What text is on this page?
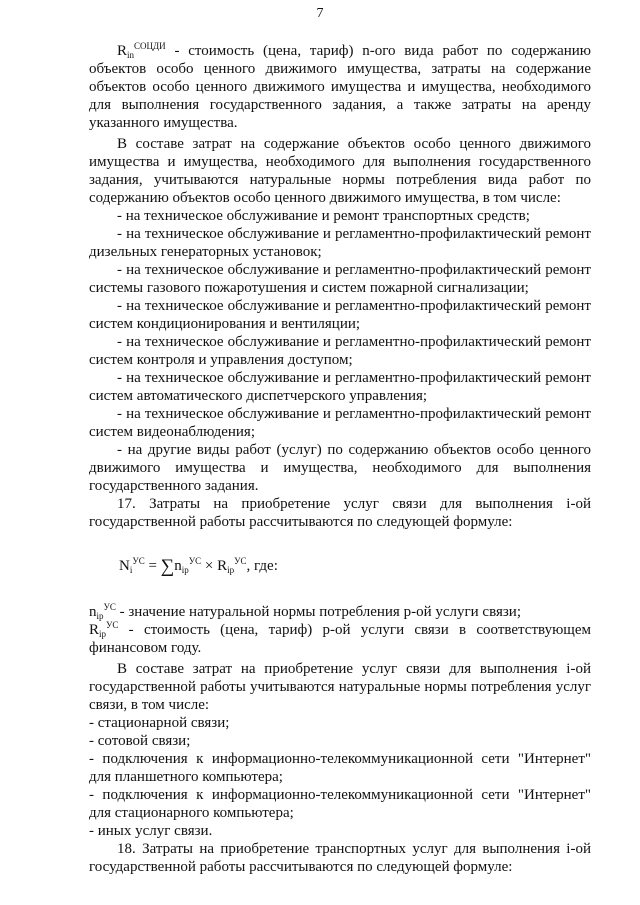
7

$R_{in}^{СОЦДИ}$ - стоимость (цена, тариф) n-ого вида работ по содержанию объектов особо ценного движимого имущества, затраты на содержание объектов особо ценного движимого имущества и имущества, необходимого для выполнения государственного задания, а также затраты на аренду указанного имущества.

В составе затрат на содержание объектов особо ценного движимого имущества и имущества, необходимого для выполнения государственного задания, учитываются натуральные нормы потребления вида работ по содержанию объектов особо ценного движимого имущества, в том числе:

- на техническое обслуживание и ремонт транспортных средств;

- на техническое обслуживание и регламентно-профилактический ремонт дизельных генераторных установок;

- на техническое обслуживание и регламентно-профилактический ремонт системы газового пожаротушения и систем пожарной сигнализации;

- на техническое обслуживание и регламентно-профилактический ремонт систем кондиционирования и вентиляции;

- на техническое обслуживание и регламентно-профилактический ремонт систем контроля и управления доступом;

- на техническое обслуживание и регламентно-профилактический ремонт систем автоматического диспетчерского управления;

- на техническое обслуживание и регламентно-профилактический ремонт систем видеонаблюдения;

- на другие виды работ (услуг) по содержанию объектов особо ценного движимого имущества и имущества, необходимого для выполнения государственного задания.

17. Затраты на приобретение услуг связи для выполнения i-ой государственной работы рассчитываются по следующей формуле:

$N_i^{УС} = \sum n_{ip}^{УС} \times R_{ip}^{УС}$, где:

$n_{ip}^{УС}$ - значение натуральной нормы потребления p-ой услуги связи;

$R_{ip}^{УС}$ - стоимость (цена, тариф) p-ой услуги связи в соответствующем финансовом году.

В составе затрат на приобретение услуг связи для выполнения i-ой государственной работы учитываются натуральные нормы потребления услуг связи, в том числе:

- стационарной связи;

- сотовой связи;

- подключения к информационно-телекоммуникационной сети "Интернет" для планшетного компьютера;

- подключения к информационно-телекоммуникационной сети "Интернет" для стационарного компьютера;

- иных услуг связи.

18. Затраты на приобретение транспортных услуг для выполнения i-ой государственной работы рассчитываются по следующей формуле:
